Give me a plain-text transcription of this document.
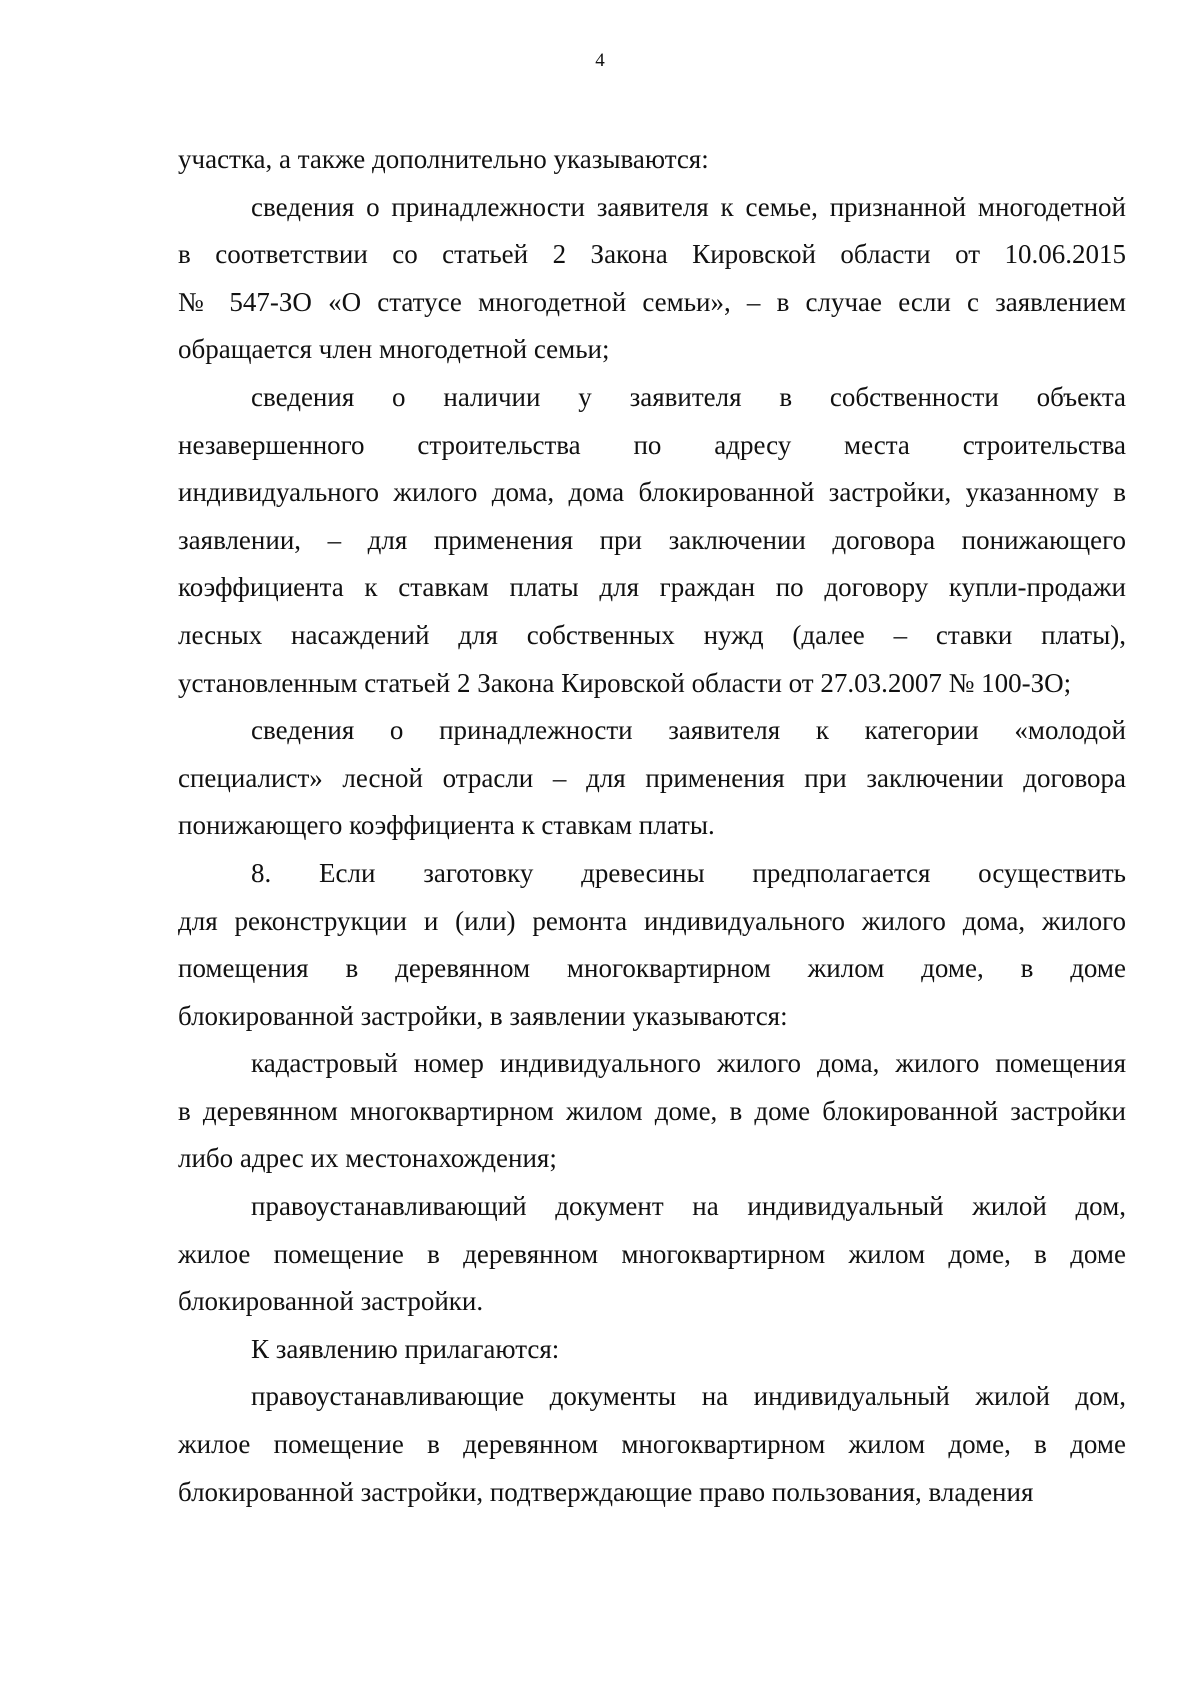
4
участка, а также дополнительно указываются:
сведения о принадлежности заявителя к семье, признанной многодетной
в соответствии со статьей 2 Закона Кировской области от 10.06.2015
№ 547-ЗО «О статусе многодетной семьи», – в случае если с заявлением
обращается член многодетной семьи;
сведения о наличии у заявителя в собственности объекта
незавершенного строительства по адресу места строительства
индивидуального жилого дома, дома блокированной застройки, указанному в
заявлении, – для применения при заключении договора понижающего
коэффициента к ставкам платы для граждан по договору купли-продажи
лесных насаждений для собственных нужд (далее – ставки платы),
установленным статьей 2 Закона Кировской области от 27.03.2007 № 100-ЗО;
сведения о принадлежности заявителя к категории «молодой
специалист» лесной отрасли – для применения при заключении договора
понижающего коэффициента к ставкам платы.
8. Если заготовку древесины предполагается осуществить
для реконструкции и (или) ремонта индивидуального жилого дома, жилого
помещения в деревянном многоквартирном жилом доме, в доме
блокированной застройки, в заявлении указываются:
кадастровый номер индивидуального жилого дома, жилого помещения
в деревянном многоквартирном жилом доме, в доме блокированной застройки
либо адрес их местонахождения;
правоустанавливающий документ на индивидуальный жилой дом,
жилое помещение в деревянном многоквартирном жилом доме, в доме
блокированной застройки.
К заявлению прилагаются:
правоустанавливающие документы на индивидуальный жилой дом,
жилое помещение в деревянном многоквартирном жилом доме, в доме
блокированной застройки, подтверждающие право пользования, владения
